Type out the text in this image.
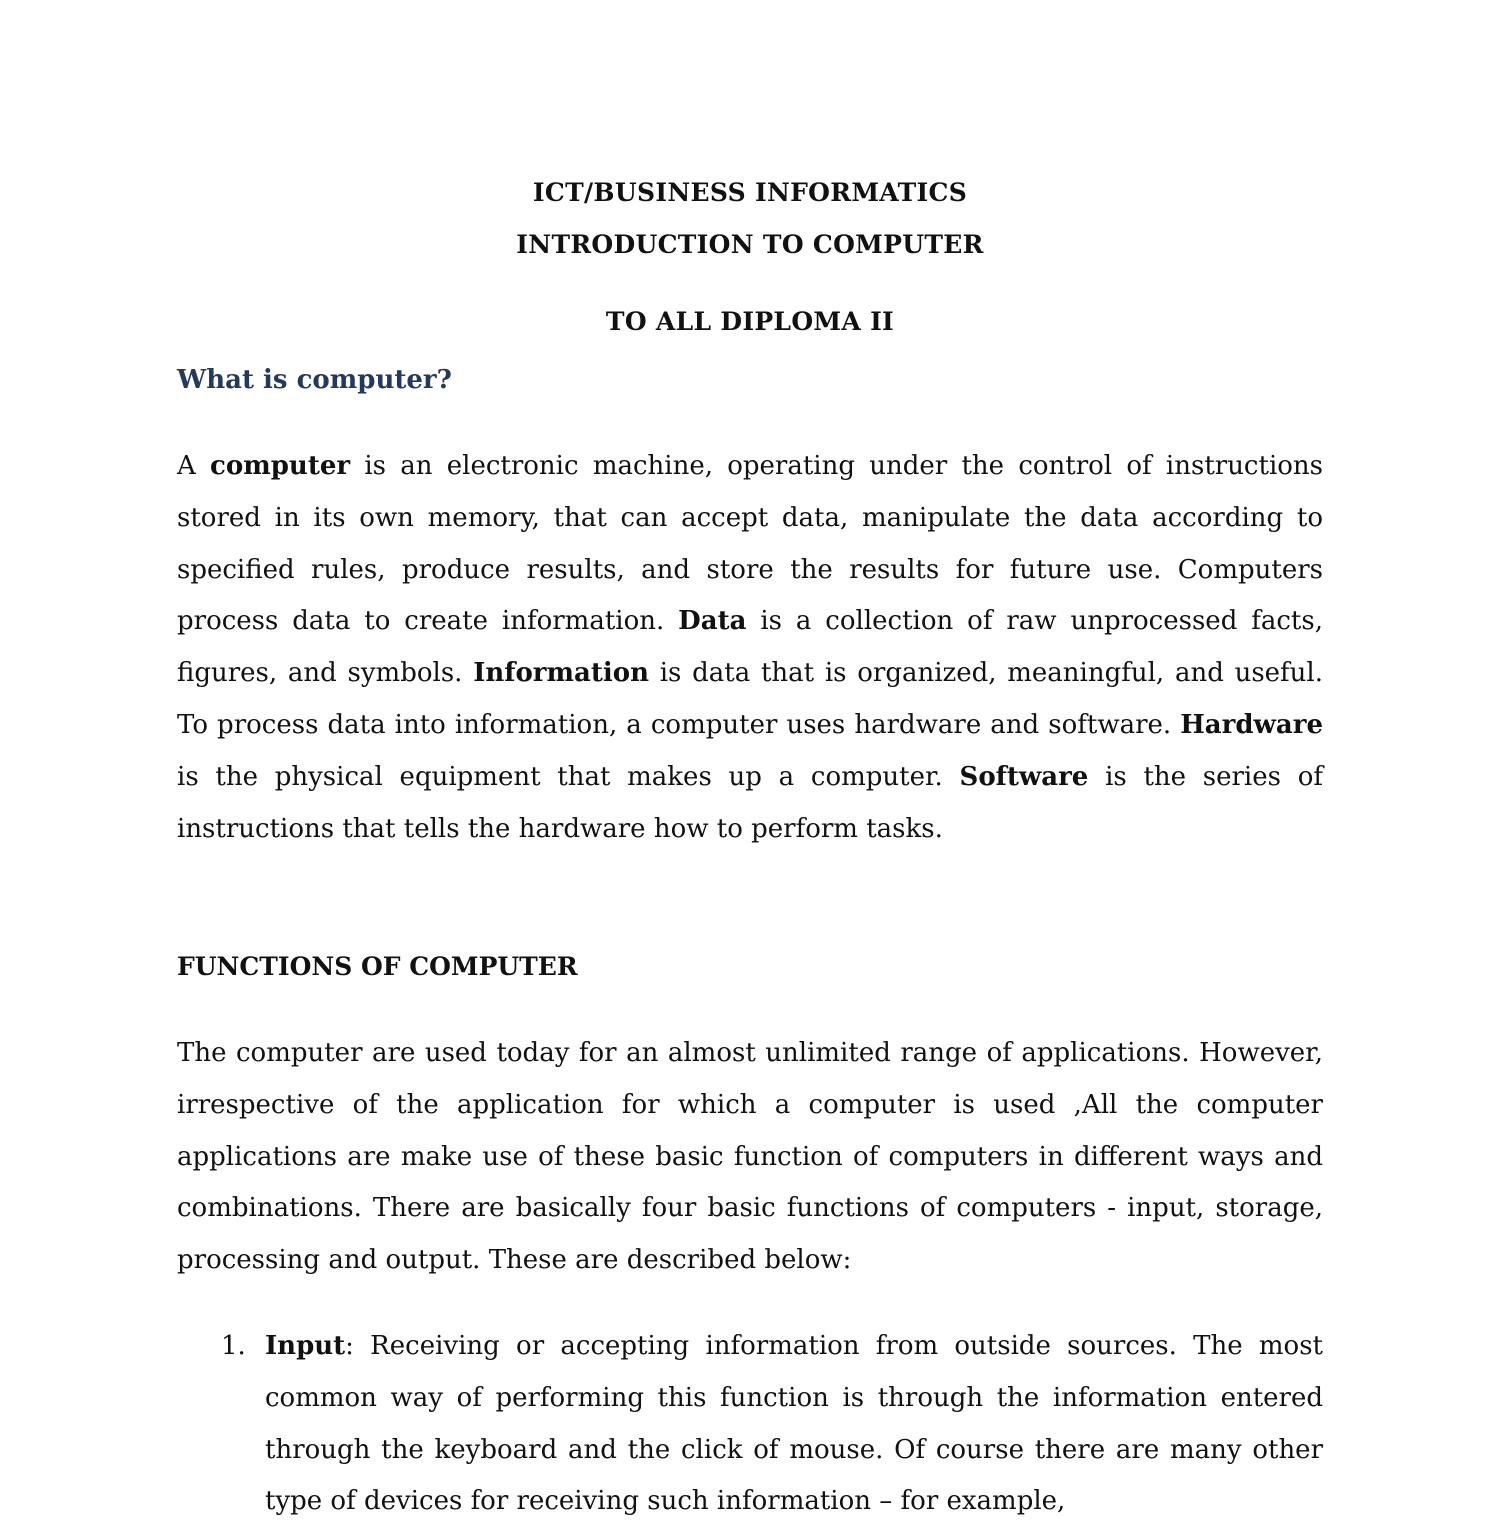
ICT/BUSINESS INFORMATICS
INTRODUCTION TO COMPUTER
TO ALL DIPLOMA II
What is computer?
A computer is an electronic machine, operating under the control of instructions stored in its own memory, that can accept data, manipulate the data according to specified rules, produce results, and store the results for future use. Computers process data to create information. Data is a collection of raw unprocessed facts, figures, and symbols. Information is data that is organized, meaningful, and useful. To process data into information, a computer uses hardware and software. Hardware is the physical equipment that makes up a computer. Software is the series of instructions that tells the hardware how to perform tasks.
FUNCTIONS OF COMPUTER
The computer are used today for an almost unlimited range of applications. However, irrespective of the application for which a computer is used ,All the computer applications are make use of these basic function of computers in different ways and combinations. There are basically four basic functions of computers - input, storage, processing and output. These are described below:
1. Input: Receiving or accepting information from outside sources. The most common way of performing this function is through the information entered through the keyboard and the click of mouse. Of course there are many other type of devices for receiving such information – for example,
